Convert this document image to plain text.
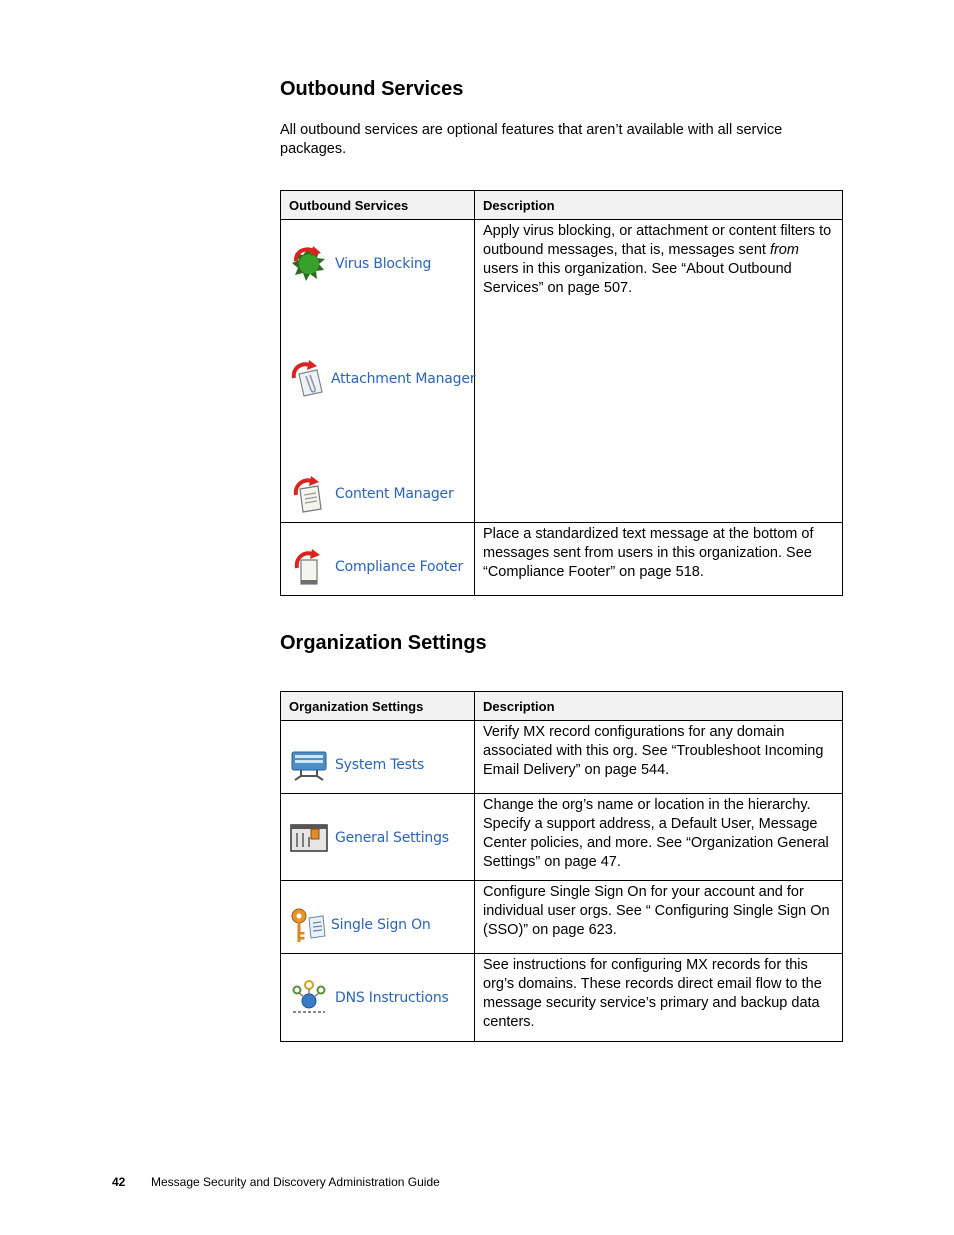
Outbound Services

All outbound services are optional features that aren’t available with all service packages.

Outbound Services	Description

Virus Blocking
Attachment Manager
Content Manager	Apply virus blocking, or attachment or content filters to outbound messages, that is, messages sent from users in this organization. See “About Outbound Services” on page 507.

Compliance Footer	Place a standardized text message at the bottom of messages sent from users in this organization. See “Compliance Footer” on page 518.
Organization Settings
Organization Settings	Description

System Tests	Verify MX record configurations for any domain associated with this org. See “Troubleshoot Incoming Email Delivery” on page 544.

General Settings	Change the org’s name or location in the hierarchy. Specify a support address, a Default User, Message Center policies, and more. See “Organization General Settings” on page 47.

Single Sign On	Configure Single Sign On for your account and for individual user orgs. See “ Configuring Single Sign On (SSO)” on page 623.

DNS Instructions	See instructions for configuring MX records for this org’s domains. These records direct email flow to the message security service’s primary and backup data centers.
42 Message Security and Discovery Administration Guide
